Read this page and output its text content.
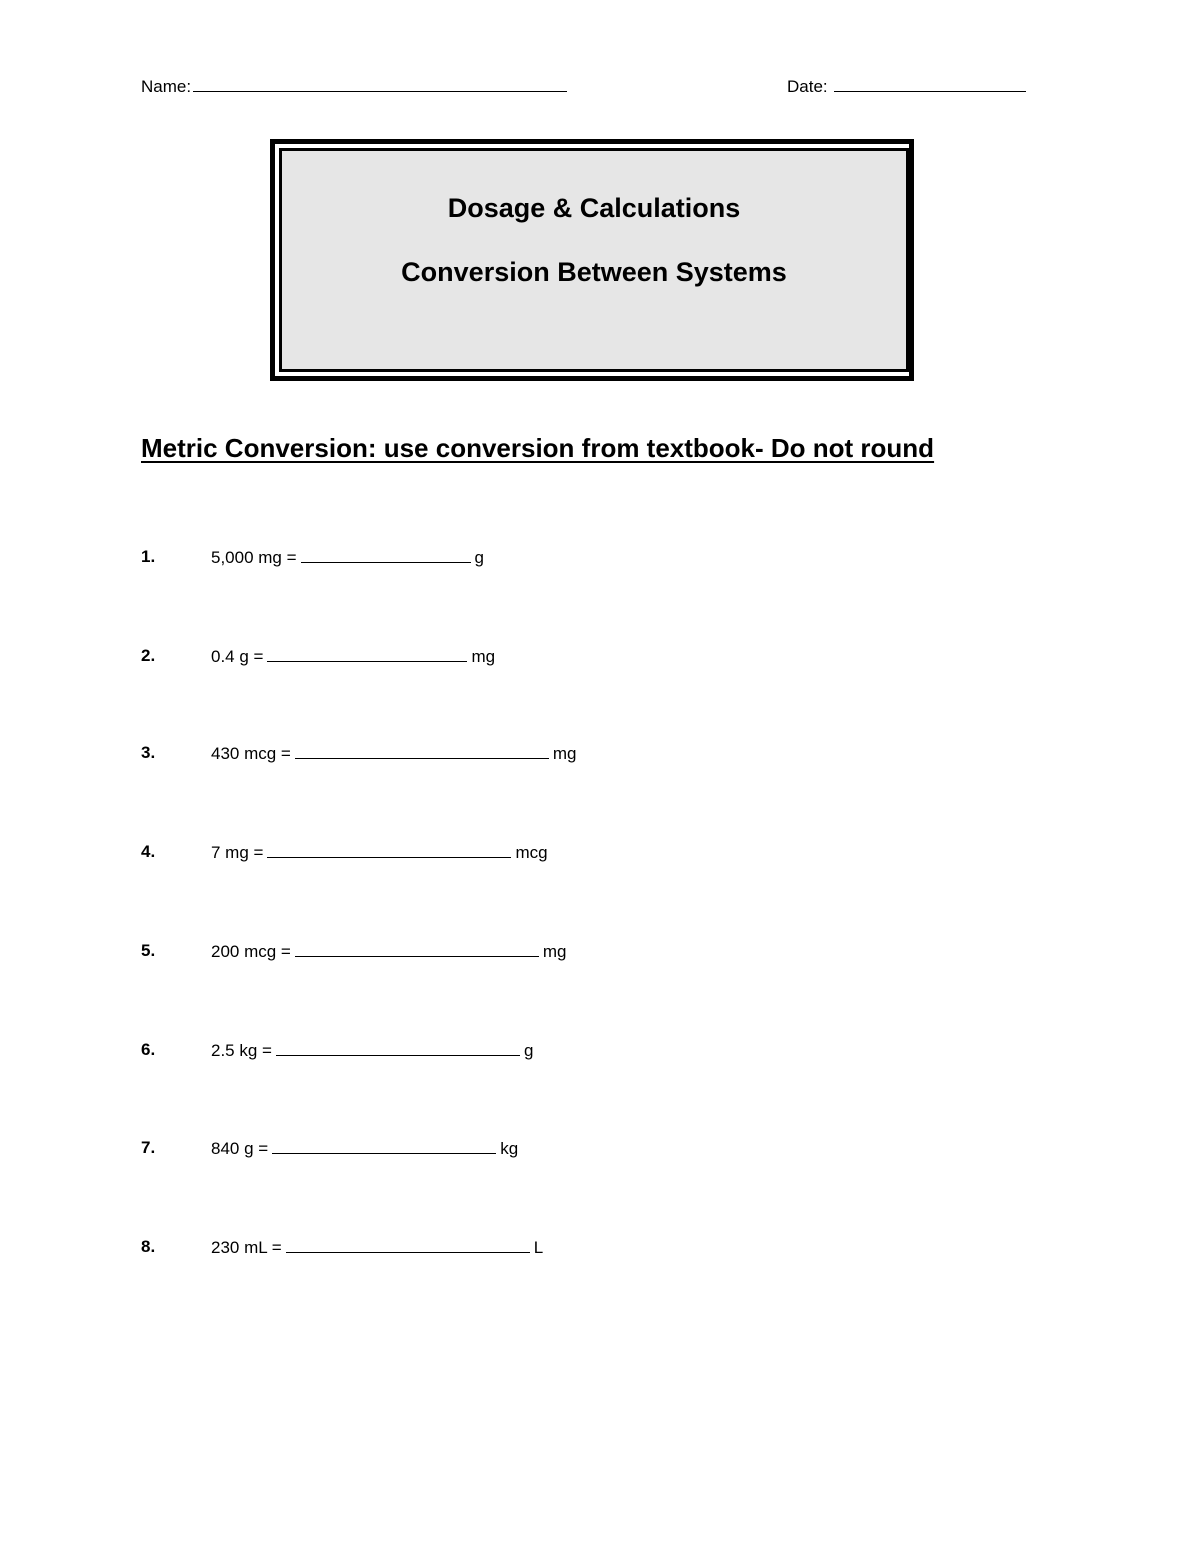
Name:	Date:
Dosage & Calculations
Conversion Between Systems
Metric Conversion: use conversion from textbook- Do not round
1.	5,000 mg =	g
2.	0.4 g =	mg
3.	430 mcg =	mg
4.	7 mg =	mcg
5.	200 mcg =	mg
6.	2.5 kg =	g
7.	840 g =	kg
8.	230 mL =	L
